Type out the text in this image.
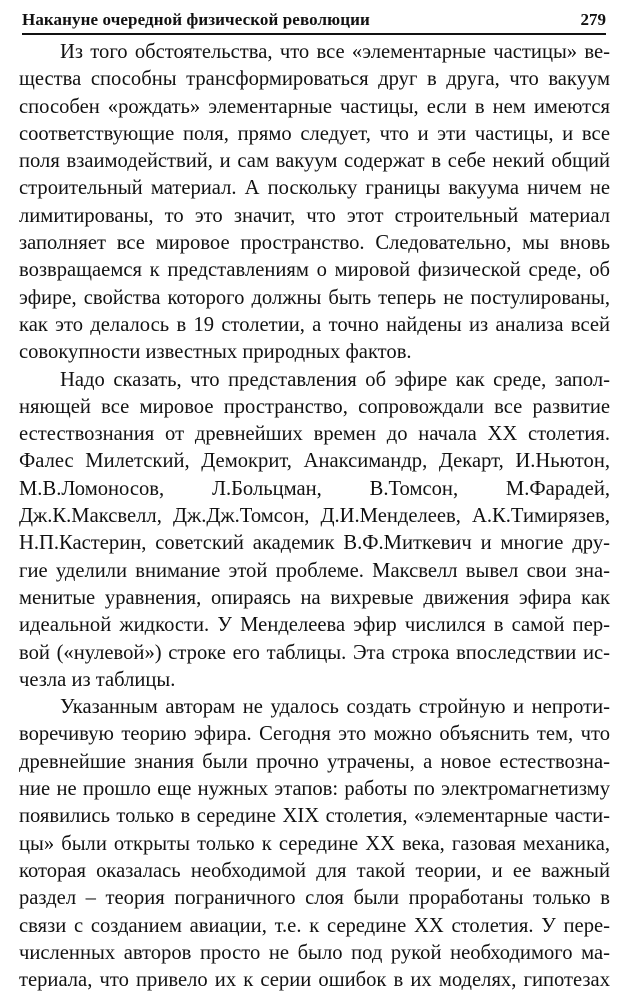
Накануне очередной физической революции	279
Из того обстоятельства, что все «элементарные частицы» ве-
щества способны трансформироваться друг в друга, что вакуум
способен «рождать» элементарные частицы, если в нем имеются
соответствующие поля, прямо следует, что и эти частицы, и все
поля взаимодействий, и сам вакуум содержат в себе некий общий
строительный материал. А поскольку границы вакуума ничем не
лимитированы, то это значит, что этот строительный материал
заполняет все мировое пространство. Следовательно, мы вновь
возвращаемся к представлениям о мировой физической среде, об
эфире, свойства которого должны быть теперь не постулированы,
как это делалось в 19 столетии, а точно найдены из анализа всей
совокупности известных природных фактов.
Надо сказать, что представления об эфире как среде, запол-
няющей все мировое пространство, сопровождали все развитие
естествознания от древнейших времен до начала XX столетия.
Фалес Милетский, Демокрит, Анаксимандр, Декарт, И.Ньютон,
М.В.Ломоносов, Л.Больцман, В.Томсон, М.Фарадей,
Дж.К.Максвелл, Дж.Дж.Томсон, Д.И.Менделеев, А.К.Тимирязев,
Н.П.Кастерин, советский академик В.Ф.Миткевич и многие дру-
гие уделили внимание этой проблеме. Максвелл вывел свои зна-
менитые уравнения, опираясь на вихревые движения эфира как
идеальной жидкости. У Менделеева эфир числился в самой пер-
вой («нулевой») строке его таблицы. Эта строка впоследствии ис-
чезла из таблицы.
Указанным авторам не удалось создать стройную и непроти-
воречивую теорию эфира. Сегодня это можно объяснить тем, что
древнейшие знания были прочно утрачены, а новое естествозна-
ние не прошло еще нужных этапов: работы по электромагнетизму
появились только в середине XIX столетия, «элементарные части-
цы» были открыты только к середине XX века, газовая механика,
которая оказалась необходимой для такой теории, и ее важный
раздел – теория пограничного слоя были проработаны только в
связи с созданием авиации, т.е. к середине XX столетия. У пере-
численных авторов просто не было под рукой необходимого ма-
териала, что привело их к серии ошибок в их моделях, гипотезах
